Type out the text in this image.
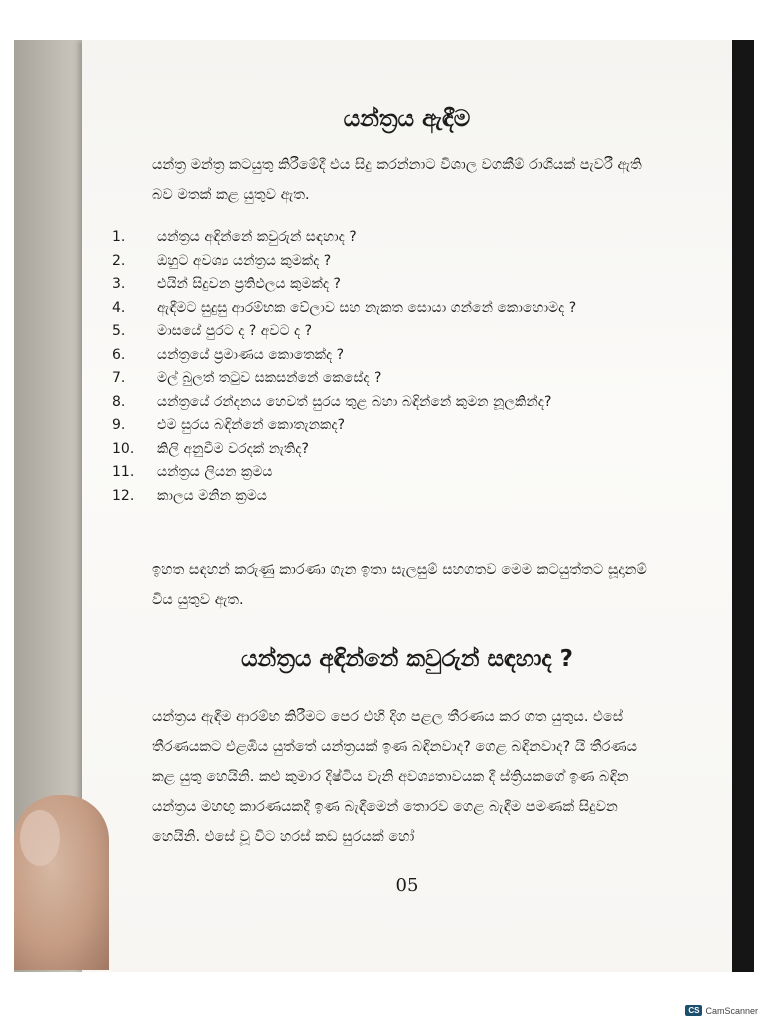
යන්ත්‍රය ඇඳීම

යන්ත්‍ර මන්ත්‍ර කටයුතු කිරීමේදී එය සිදු කරන්නාට විශාල වගකීම් රාශියක් පැවරී ඇති බව මතක් කළ යුතුව ඇත.

1.	යන්ත්‍රය අඳින්නේ කවුරුන් සඳහාද ?
2.	ඔහුට අවශ්‍ය යන්ත්‍රය කුමක්ද ?
3.	එයින් සිදුවන ප්‍රතිඵලය කුමක්ද ?
4.	ඇඳීමට සුදුසු ආරම්භක වේලාව සහ නැකත සොයා ගන්නේ කොහොමද ?
5.	මාසයේ පුරට ද ? අවට ද ?
6.	යන්ත්‍රයේ ප්‍රමාණය කොතෙක්ද ?
7.	මල් බුලත් තටුව සකසන්නේ කෙසේද ?
8.	යන්ත්‍රයේ රන්දනය හෙවත් සුරය තුළ බහා බඳින්නේ කුමන නූලකින්ද?
9.	එම සුරය බඳින්නේ කොතැනකද?
10.	කිලි අනුවීම වරදක් නැතිද?
11.	යන්ත්‍රය ලියන ක්‍රමය
12.	කාලය මනින ක්‍රමය

ඉහත සඳහන් කරුණු කාරණා ගැන ඉතා සැලසුම් සහගතව මෙම කටයුත්තට සූදානම් විය යුතුව ඇත.

යන්ත්‍රය අඳින්නේ කවුරුන් සඳහාද ?

යන්ත්‍රය ඇඳීම ආරම්භ කිරීමට පෙර එහි දිග පළල තීරණය කර ගත යුතුය. එසේ තීරණයකට එළඹිය යුත්තේ යන්ත්‍රයක් ඉණ බඳිනවාද? ගෙළ බඳිනවාද? යි තීරණය කළ යුතු හෙයිනි. කළු කුමාර දිෂ්ටිය වැනි අවශ්‍යතාවයක දී ස්ත්‍රියකගේ ඉණ බඳින යන්ත්‍රය මහඟු කාරණයකදී ඉණ බැඳීමෙන් තොරව ගෙළ බැඳීම පමණක් සිදුවන හෙයිනි. එසේ වූ විට හරස් කඩ සුරයක් හෝ

05
CS CamScanner
